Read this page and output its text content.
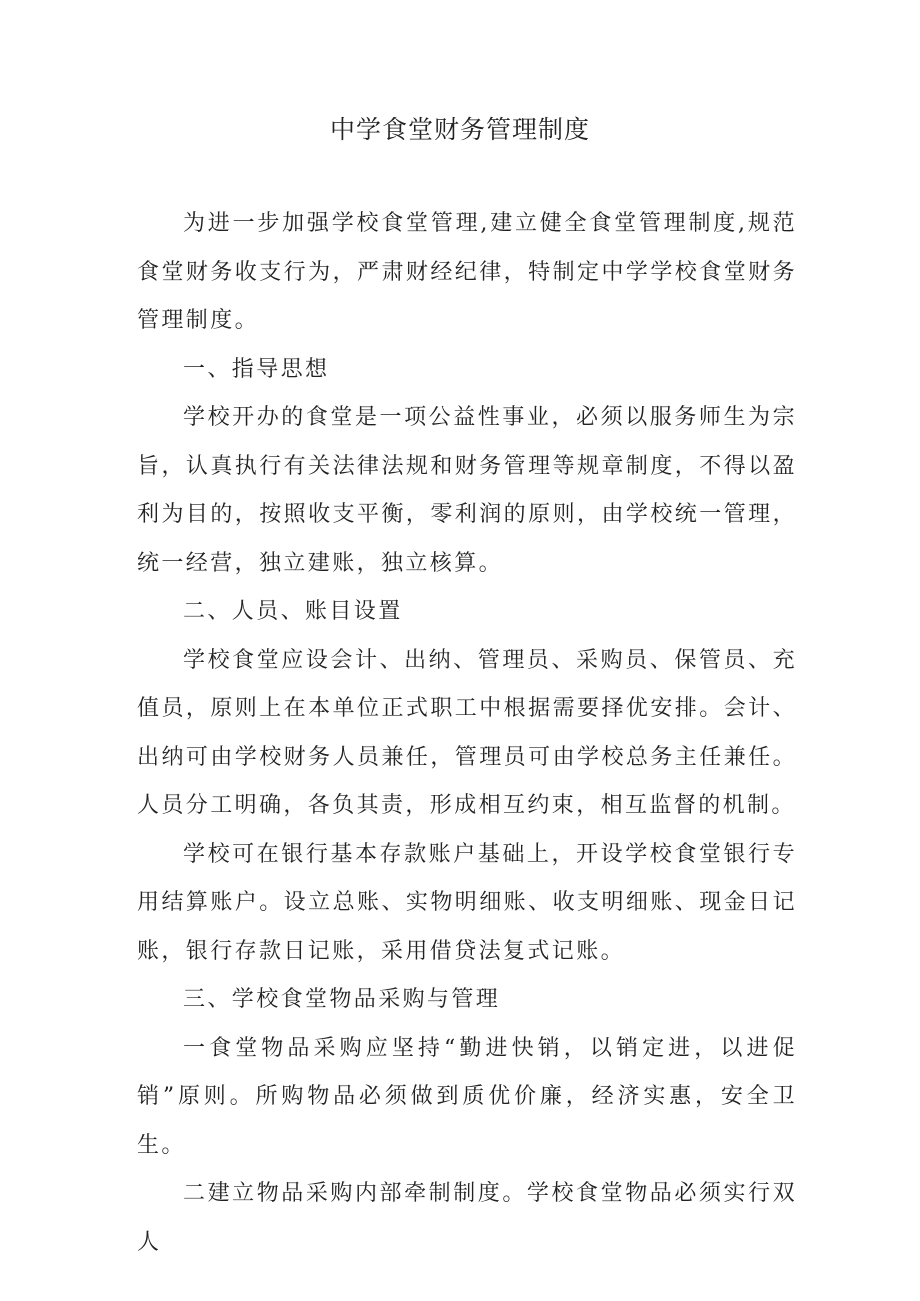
中学食堂财务管理制度

为进一步加强学校食堂管理,建立健全食堂管理制度,规范食堂财务收支行为，严肃财经纪律，特制定中学学校食堂财务管理制度。

一、指导思想

学校开办的食堂是一项公益性事业，必须以服务师生为宗旨，认真执行有关法律法规和财务管理等规章制度，不得以盈利为目的，按照收支平衡，零利润的原则，由学校统一管理，统一经营，独立建账，独立核算。

二、人员、账目设置

学校食堂应设会计、出纳、管理员、采购员、保管员、充值员，原则上在本单位正式职工中根据需要择优安排。会计、出纳可由学校财务人员兼任，管理员可由学校总务主任兼任。人员分工明确，各负其责，形成相互约束，相互监督的机制。

学校可在银行基本存款账户基础上，开设学校食堂银行专用结算账户。设立总账、实物明细账、收支明细账、现金日记账，银行存款日记账，采用借贷法复式记账。

三、学校食堂物品采购与管理

一食堂物品采购应坚持“勤进快销，以销定进，以进促销”原则。所购物品必须做到质优价廉，经济实惠，安全卫生。

二建立物品采购内部牵制制度。学校食堂物品必须实行双人
